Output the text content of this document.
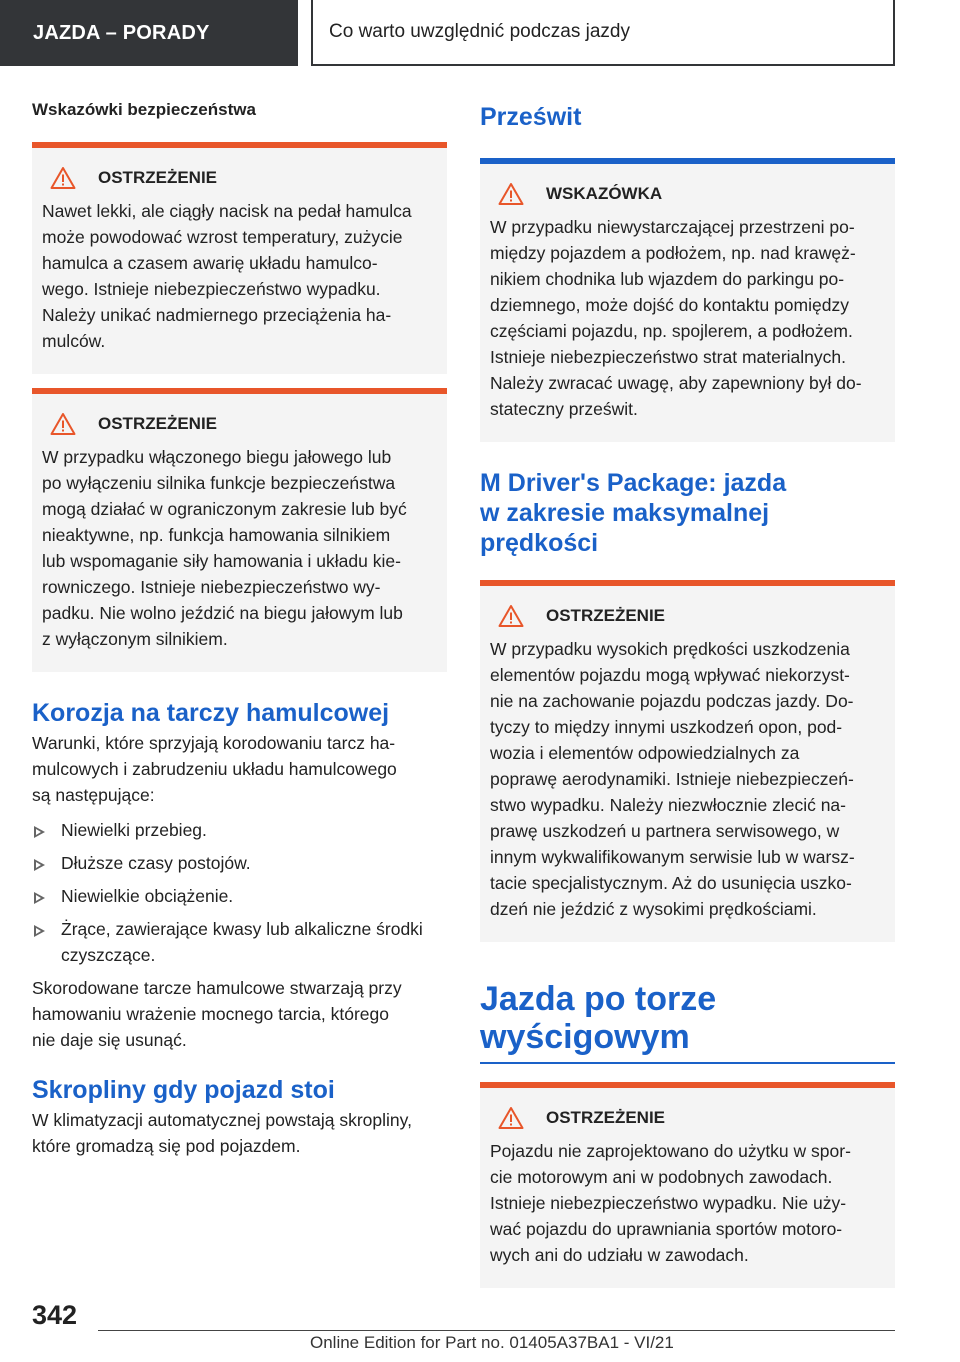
JAZDA – PORADY	Co warto uwzględnić podczas jazdy
Wskazówki bezpieczeństwa
OSTRZEŻENIE
Nawet lekki, ale ciągły nacisk na pedał hamulca
może powodować wzrost temperatury, zużycie
hamulca a czasem awarię układu hamulco-
wego. Istnieje niebezpieczeństwo wypadku.
Należy unikać nadmiernego przeciążenia ha-
mulców.
OSTRZEŻENIE
W przypadku włączonego biegu jałowego lub
po wyłączeniu silnika funkcje bezpieczeństwa
mogą działać w ograniczonym zakresie lub być
nieaktywne, np. funkcja hamowania silnikiem
lub wspomaganie siły hamowania i układu kie-
rowniczego. Istnieje niebezpieczeństwo wy-
padku. Nie wolno jeździć na biegu jałowym lub
z wyłączonym silnikiem.
Korozja na tarczy hamulcowej
Warunki, które sprzyjają korodowaniu tarcz ha-
mulcowych i zabrudzeniu układu hamulcowego
są następujące:
Niewielki przebieg.
Dłuższe czasy postojów.
Niewielkie obciążenie.
Żrące, zawierające kwasy lub alkaliczne środki czyszczące.
Skorodowane tarcze hamulcowe stwarzają przy
hamowaniu wrażenie mocnego tarcia, którego
nie daje się usunąć.
Skropliny gdy pojazd stoi
W klimatyzacji automatycznej powstają skropliny,
które gromadzą się pod pojazdem.
Prześwit
WSKAZÓWKA
W przypadku niewystarczającej przestrzeni po-
między pojazdem a podłożem, np. nad krawęż-
nikiem chodnika lub wjazdem do parkingu po-
dziemnego, może dojść do kontaktu pomiędzy
częściami pojazdu, np. spojlerem, a podłożem.
Istnieje niebezpieczeństwo strat materialnych.
Należy zwracać uwagę, aby zapewniony był do-
stateczny prześwit.
M Driver's Package: jazda
w zakresie maksymalnej
prędkości
OSTRZEŻENIE
W przypadku wysokich prędkości uszkodzenia
elementów pojazdu mogą wpływać niekorzyst-
nie na zachowanie pojazdu podczas jazdy. Do-
tyczy to między innymi uszkodzeń opon, pod-
wozia i elementów odpowiedzialnych za
poprawę aerodynamiki. Istnieje niebezpieczeń-
stwo wypadku. Należy niezwłocznie zlecić na-
prawę uszkodzeń u partnera serwisowego, w
innym wykwalifikowanym serwisie lub w warsz-
tacie specjalistycznym. Aż do usunięcia uszko-
dzeń nie jeździć z wysokimi prędkościami.
Jazda po torze
wyścigowym
OSTRZEŻENIE
Pojazdu nie zaprojektowano do użytku w spor-
cie motorowym ani w podobnych zawodach.
Istnieje niebezpieczeństwo wypadku. Nie uży-
wać pojazdu do uprawniania sportów motoro-
wych ani do udziału w zawodach.
342
Online Edition for Part no. 01405A37BA1 - VI/21
